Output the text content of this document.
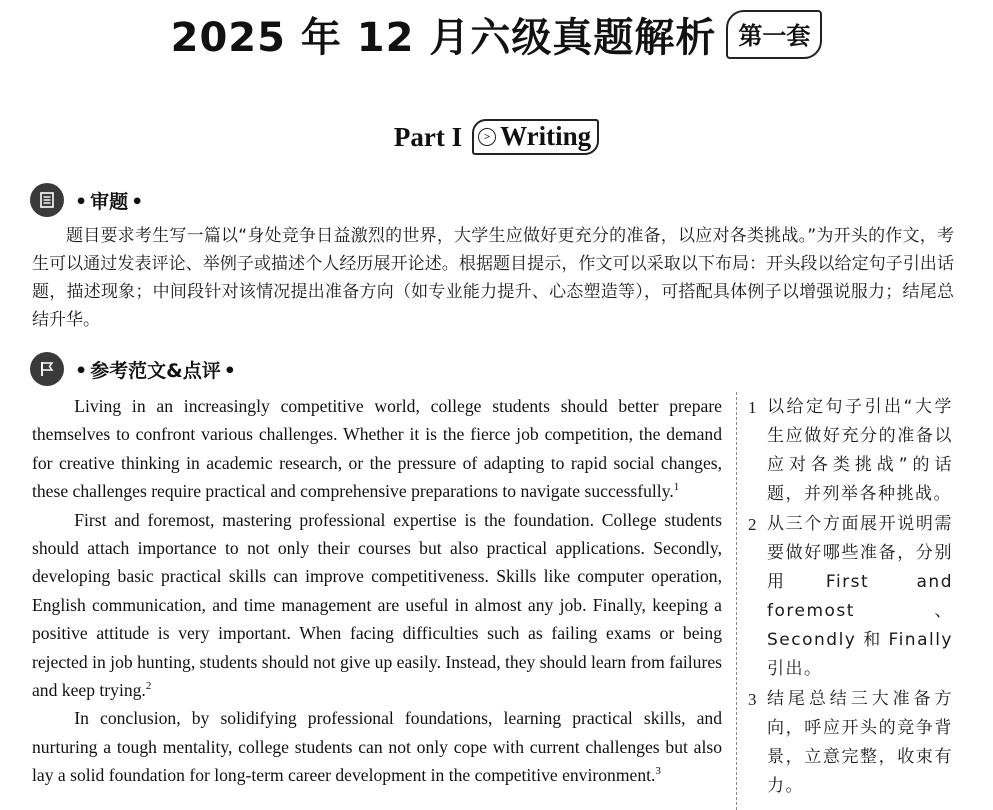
2025 年 12 月六级真题解析 第一套
Part I > Writing
• 审题 •
题目要求考生写一篇以“身处竞争日益激烈的世界，大学生应做好更充分的准备，以应对各类挑战。”为开头的作文，考生可以通过发表评论、举例子或描述个人经历展开论述。根据题目提示，作文可以采取以下布局：开头段以给定句子引出话题，描述现象；中间段针对该情况提出准备方向（如专业能力提升、心态塑造等），可搭配具体例子以增强说服力；结尾总结升华。
• 参考范文&点评 •

Living in an increasingly competitive world, college students should better prepare themselves to confront various challenges. Whether it is the fierce job competition, the demand for creative thinking in academic research, or the pressure of adapting to rapid social changes, these challenges require practical and comprehensive preparations to navigate successfully.$^1$

First and foremost, mastering professional expertise is the foundation. College students should attach importance to not only their courses but also practical applications. Secondly, developing basic practical skills can improve competitiveness. Skills like computer operation, English communication, and time management are useful in almost any job. Finally, keeping a positive attitude is very important. When facing difficulties such as failing exams or being rejected in job hunting, students should not give up easily. Instead, they should learn from failures and keep trying.$^2$

In conclusion, by solidifying professional foundations, learning practical skills, and nurturing a tough mentality, college students can not only cope with current challenges but also lay a solid foundation for long-term career development in the competitive environment.$^3$

1 以给定句子引出“大学生应做好充分的准备以应对各类挑战”的话题，并列举各种挑战。
2 从三个方面展开说明需要做好哪些准备，分别用First and foremost、Secondly和Finally引出。
3 结尾总结三大准备方向，呼应开头的竞争背景，立意完整，收束有力。
